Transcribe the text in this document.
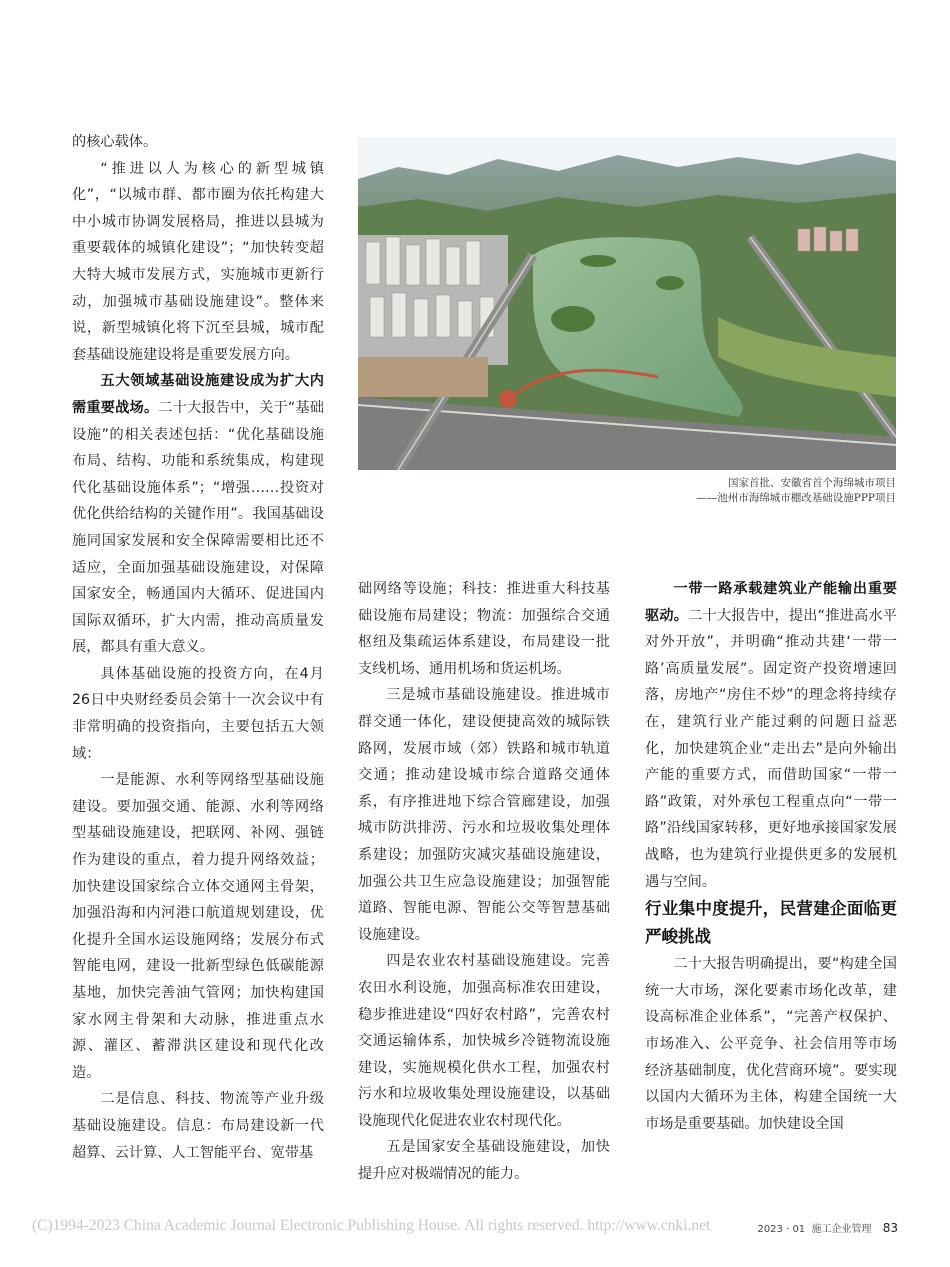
的核心载体。

“推进以人为核心的新型城镇化”，“以城市群、都市圈为依托构建大中小城市协调发展格局，推进以县城为重要载体的城镇化建设”；“加快转变超大特大城市发展方式，实施城市更新行动，加强城市基础设施建设”。整体来说，新型城镇化将下沉至县城，城市配套基础设施建设将是重要发展方向。

五大领域基础设施建设成为扩大内需重要战场。二十大报告中，关于“基础设施”的相关表述包括：“优化基础设施布局、结构、功能和系统集成，构建现代化基础设施体系”；“增强……投资对优化供给结构的关键作用”。我国基础设施同国家发展和安全保障需要相比还不适应，全面加强基础设施建设，对保障国家安全，畅通国内大循环、促进国内国际双循环，扩大内需，推动高质量发展，都具有重大意义。

具体基础设施的投资方向，在4月26日中央财经委员会第十一次会议中有非常明确的投资指向，主要包括五大领域：

一是能源、水利等网络型基础设施建设。要加强交通、能源、水利等网络型基础设施建设，把联网、补网、强链作为建设的重点，着力提升网络效益；加快建设国家综合立体交通网主骨架，加强沿海和内河港口航道规划建设，优化提升全国水运设施网络；发展分布式智能电网，建设一批新型绿色低碳能源基地，加快完善油气管网；加快构建国家水网主骨架和大动脉，推进重点水源、灌区、蓄滞洪区建设和现代化改造。

二是信息、科技、物流等产业升级基础设施建设。信息：布局建设新一代超算、云计算、人工智能平台、宽带基

国家首批、安徽省首个海绵城市项目
——池州市海绵城市棚改基础设施PPP项目

础网络等设施；科技：推进重大科技基础设施布局建设；物流：加强综合交通枢纽及集疏运体系建设，布局建设一批支线机场、通用机场和货运机场。

三是城市基础设施建设。推进城市群交通一体化，建设便捷高效的城际铁路网，发展市域（郊）铁路和城市轨道交通；推动建设城市综合道路交通体系，有序推进地下综合管廊建设，加强城市防洪排涝、污水和垃圾收集处理体系建设；加强防灾减灾基础设施建设，加强公共卫生应急设施建设；加强智能道路、智能电源、智能公交等智慧基础设施建设。

四是农业农村基础设施建设。完善农田水利设施，加强高标准农田建设，稳步推进建设“四好农村路”，完善农村交通运输体系，加快城乡冷链物流设施建设，实施规模化供水工程，加强农村污水和垃圾收集处理设施建设，以基础设施现代化促进农业农村现代化。

五是国家安全基础设施建设，加快提升应对极端情况的能力。

一带一路承载建筑业产能输出重要驱动。二十大报告中，提出“推进高水平对外开放”，并明确“推动共建‘一带一路’高质量发展”。固定资产投资增速回落，房地产“房住不炒”的理念将持续存在，建筑行业产能过剩的问题日益恶化，加快建筑企业“走出去”是向外输出产能的重要方式，而借助国家“一带一路”政策，对外承包工程重点向“一带一路”沿线国家转移，更好地承接国家发展战略，也为建筑行业提供更多的发展机遇与空间。

行业集中度提升，民营建企面临更严峻挑战

二十大报告明确提出，要“构建全国统一大市场，深化要素市场化改革，建设高标准企业体系”，“完善产权保护、市场准入、公平竞争、社会信用等市场经济基础制度，优化营商环境”。要实现以国内大循环为主体，构建全国统一大市场是重要基础。加快建设全国

(C)1994-2023 China Academic Journal Electronic Publishing House. All rights reserved. http://www.cnki.net	2023 · 01 施工企业管理 83
